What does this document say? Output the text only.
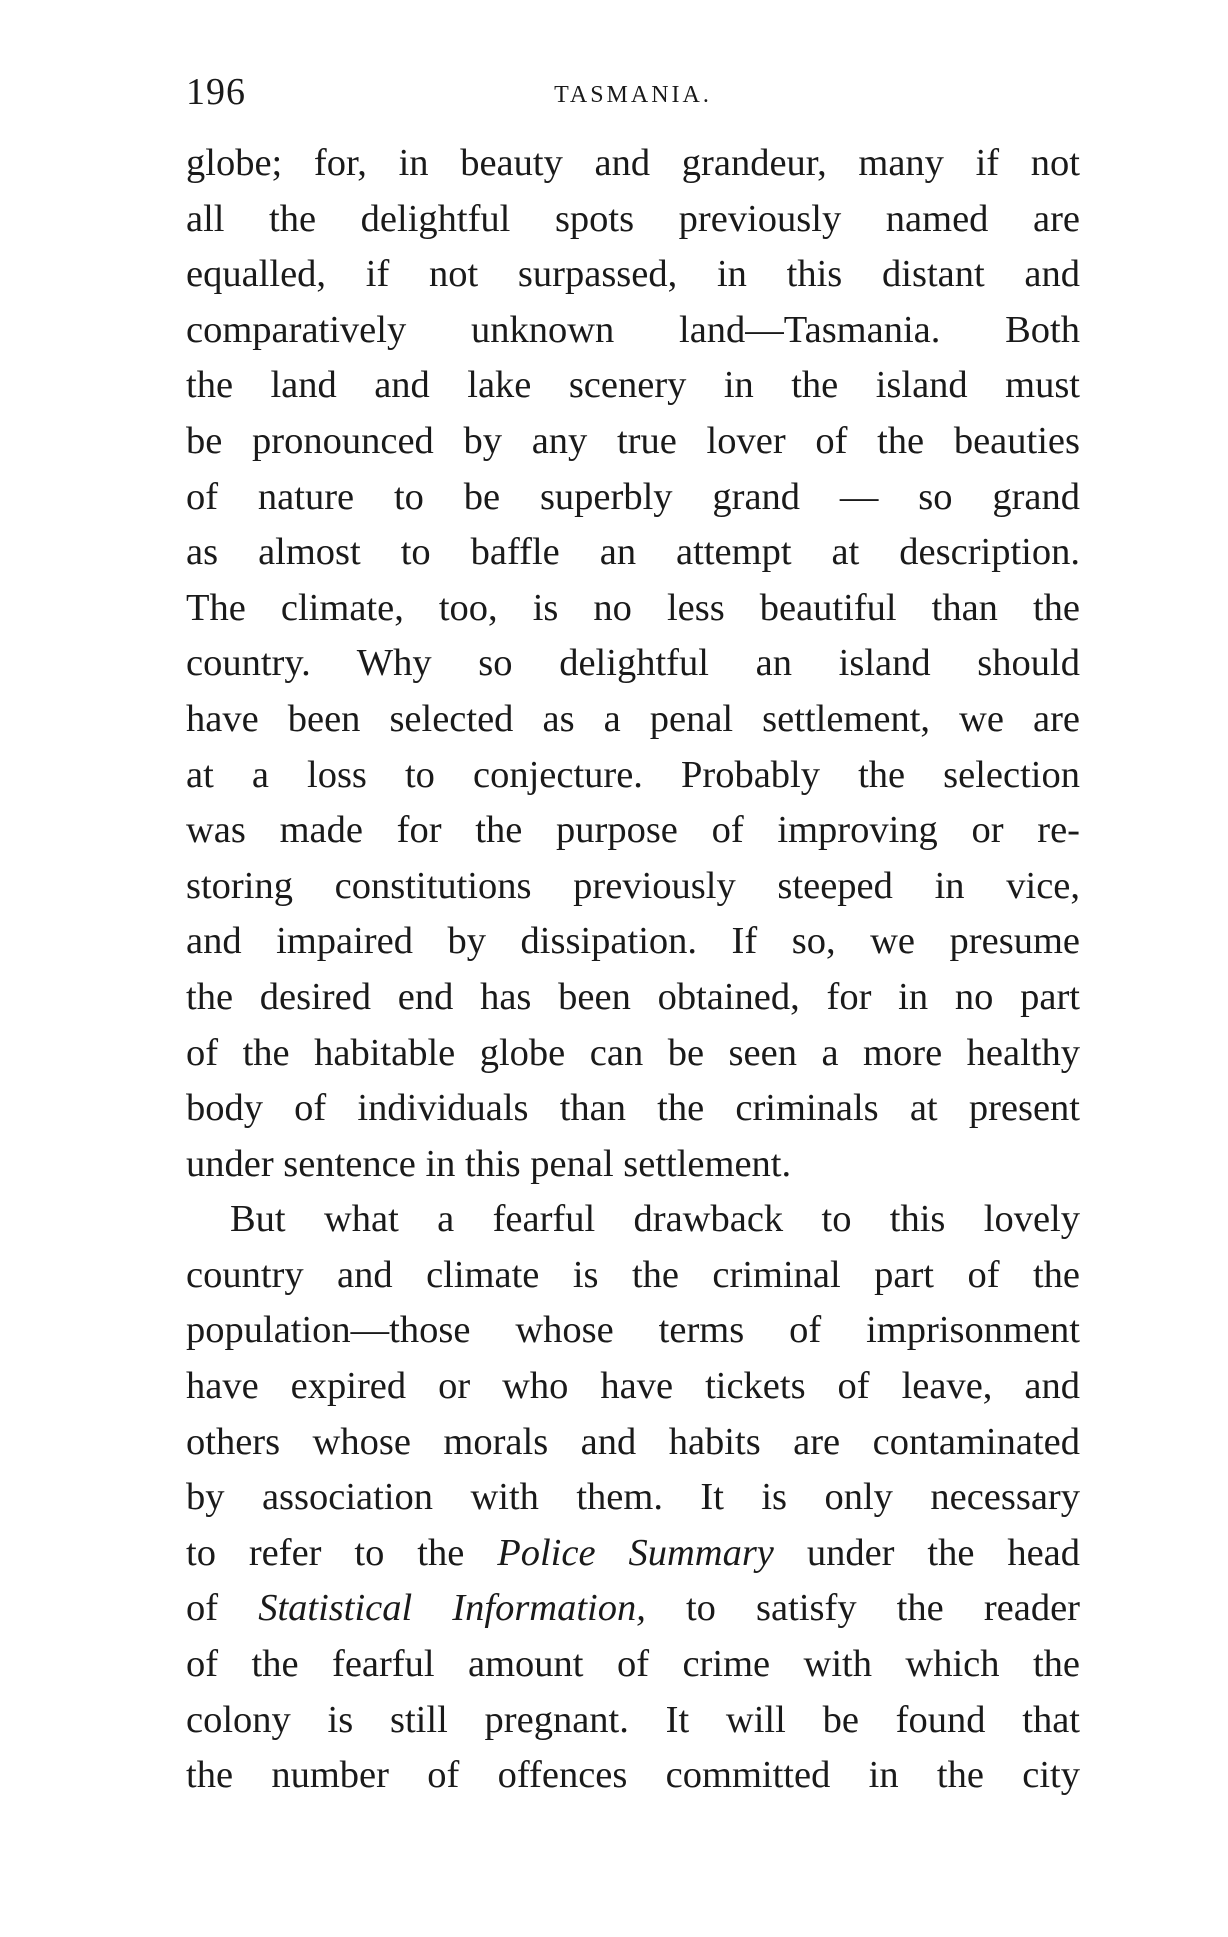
196	TASMANIA.
globe; for, in beauty and grandeur, many if not
all the delightful spots previously named are
equalled, if not surpassed, in this distant and
comparatively unknown land—Tasmania. Both
the land and lake scenery in the island must
be pronounced by any true lover of the beauties
of nature to be superbly grand — so grand
as almost to baffle an attempt at description.
The climate, too, is no less beautiful than the
country. Why so delightful an island should
have been selected as a penal settlement, we are
at a loss to conjecture. Probably the selection
was made for the purpose of improving or re-
storing constitutions previously steeped in vice,
and impaired by dissipation. If so, we presume
the desired end has been obtained, for in no part
of the habitable globe can be seen a more healthy
body of individuals than the criminals at present
under sentence in this penal settlement.
But what a fearful drawback to this lovely
country and climate is the criminal part of the
population—those whose terms of imprisonment
have expired or who have tickets of leave, and
others whose morals and habits are contaminated
by association with them. It is only necessary
to refer to the Police Summary under the head
of Statistical Information, to satisfy the reader
of the fearful amount of crime with which the
colony is still pregnant. It will be found that
the number of offences committed in the city
